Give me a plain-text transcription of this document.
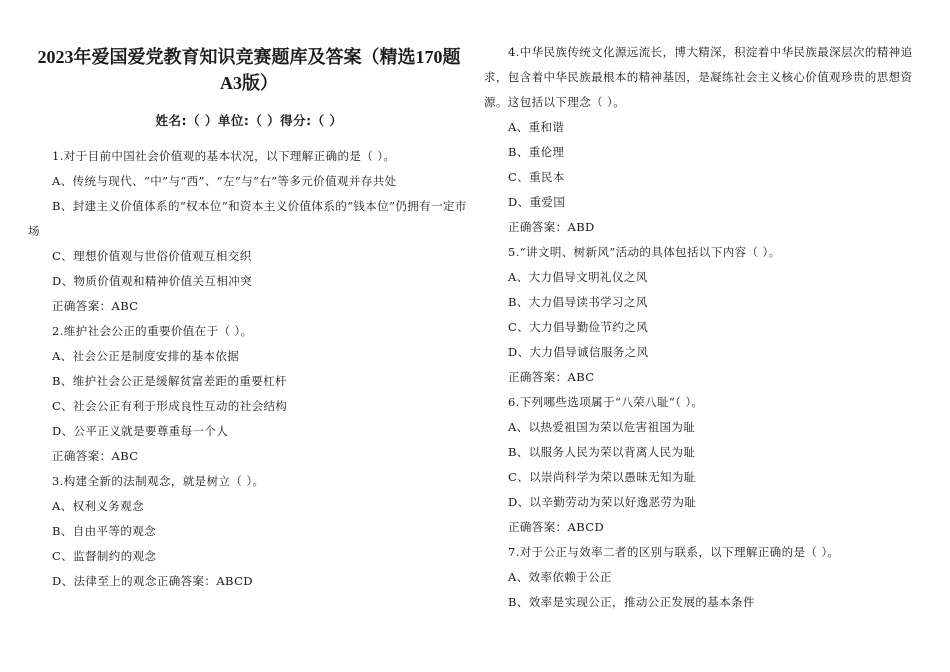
2023年爱国爱党教育知识竞赛题库及答案（精选170题
A3版）
姓名:（ ）单位:（ ）得分:（ ）

1.对于目前中国社会价值观的基本状况，以下理解正确的是（ ）。

A、传统与现代、“中”与“西”、“左”与“右”等多元价值观并存共处

B、封建主义价值体系的“权本位”和资本主义价值体系的“钱本位”仍拥有一定市场

C、理想价值观与世俗价值观互相交织

D、物质价值观和精神价值关互相冲突

正确答案：ABC

2.维护社会公正的重要价值在于（ ）。

A、社会公正是制度安排的基本依据

B、维护社会公正是缓解贫富差距的重要杠杆

C、社会公正有利于形成良性互动的社会结构

D、公平正义就是要尊重每一个人

正确答案：ABC

3.构建全新的法制观念，就是树立（ ）。

A、权利义务观念

B、自由平等的观念

C、监督制约的观念

D、法律至上的观念正确答案：ABCD

4.中华民族传统文化源远流长，博大精深，积淀着中华民族最深层次的精神追求，包含着中华民族最根本的精神基因，是凝练社会主义核心价值观珍贵的思想资源。这包括以下理念（ ）。

A、重和谐

B、重伦理

C、重民本

D、重爱国

正确答案：ABD

5.“讲文明、树新风”活动的具体包括以下内容（ ）。

A、大力倡导文明礼仪之风

B、大力倡导读书学习之风

C、大力倡导勤俭节约之风

D、大力倡导诚信服务之风

正确答案：ABC

6.下列哪些选项属于“八荣八耻”（ ）。

A、以热爱祖国为荣以危害祖国为耻

B、以服务人民为荣以背离人民为耻

C、以崇尚科学为荣以愚昧无知为耻

D、以辛勤劳动为荣以好逸恶劳为耻

正确答案：ABCD

7.对于公正与效率二者的区别与联系，以下理解正确的是（ ）。

A、效率依赖于公正

B、效率是实现公正，推动公正发展的基本条件
